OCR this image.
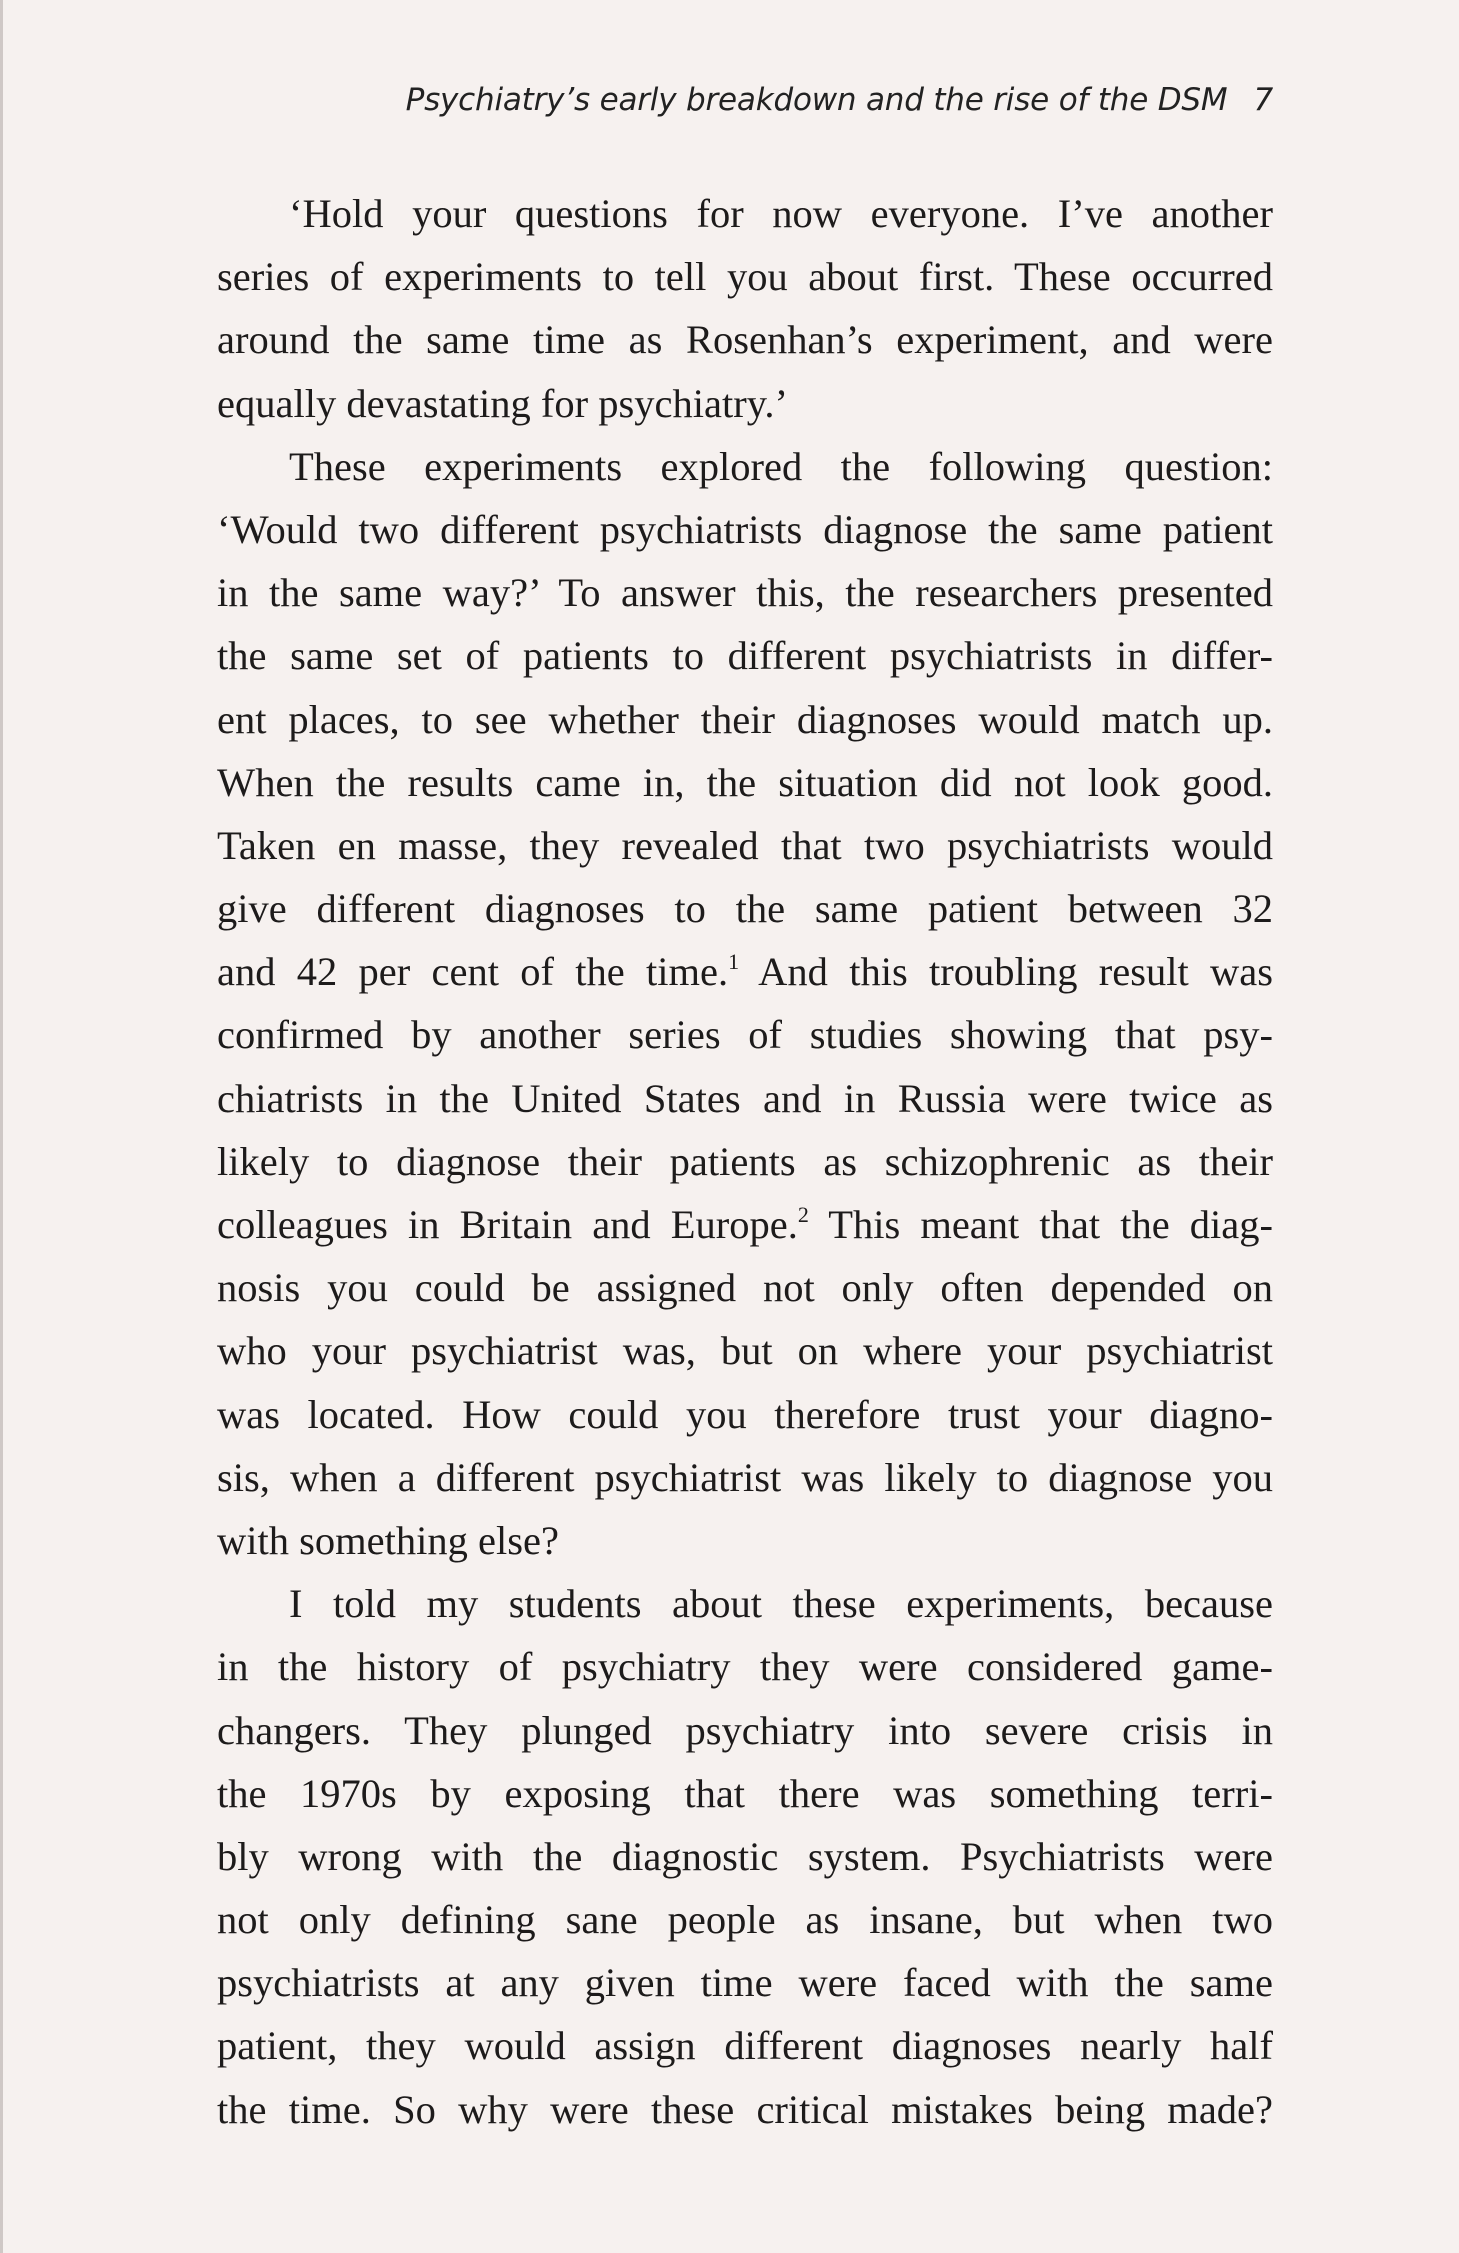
Psychiatry’s early breakdown and the rise of the DSM 7
‘Hold your questions for now everyone. I’ve another
series of experiments to tell you about first. These occurred
around the same time as Rosenhan’s experiment, and were
equally devastating for psychiatry.’
These experiments explored the following question:
‘Would two different psychiatrists diagnose the same patient
in the same way?’ To answer this, the researchers presented
the same set of patients to different psychiatrists in differ-
ent places, to see whether their diagnoses would match up.
When the results came in, the situation did not look good.
Taken en masse, they revealed that two psychiatrists would
give different diagnoses to the same patient between 32
and 42 per cent of the time.$^1$ And this troubling result was
confirmed by another series of studies showing that psy-
chiatrists in the United States and in Russia were twice as
likely to diagnose their patients as schizophrenic as their
colleagues in Britain and Europe.$^2$ This meant that the diag-
nosis you could be assigned not only often depended on
who your psychiatrist was, but on where your psychiatrist
was located. How could you therefore trust your diagno-
sis, when a different psychiatrist was likely to diagnose you
with something else?
I told my students about these experiments, because
in the history of psychiatry they were considered game-
changers. They plunged psychiatry into severe crisis in
the 1970s by exposing that there was something terri-
bly wrong with the diagnostic system. Psychiatrists were
not only defining sane people as insane, but when two
psychiatrists at any given time were faced with the same
patient, they would assign different diagnoses nearly half
the time. So why were these critical mistakes being made?
